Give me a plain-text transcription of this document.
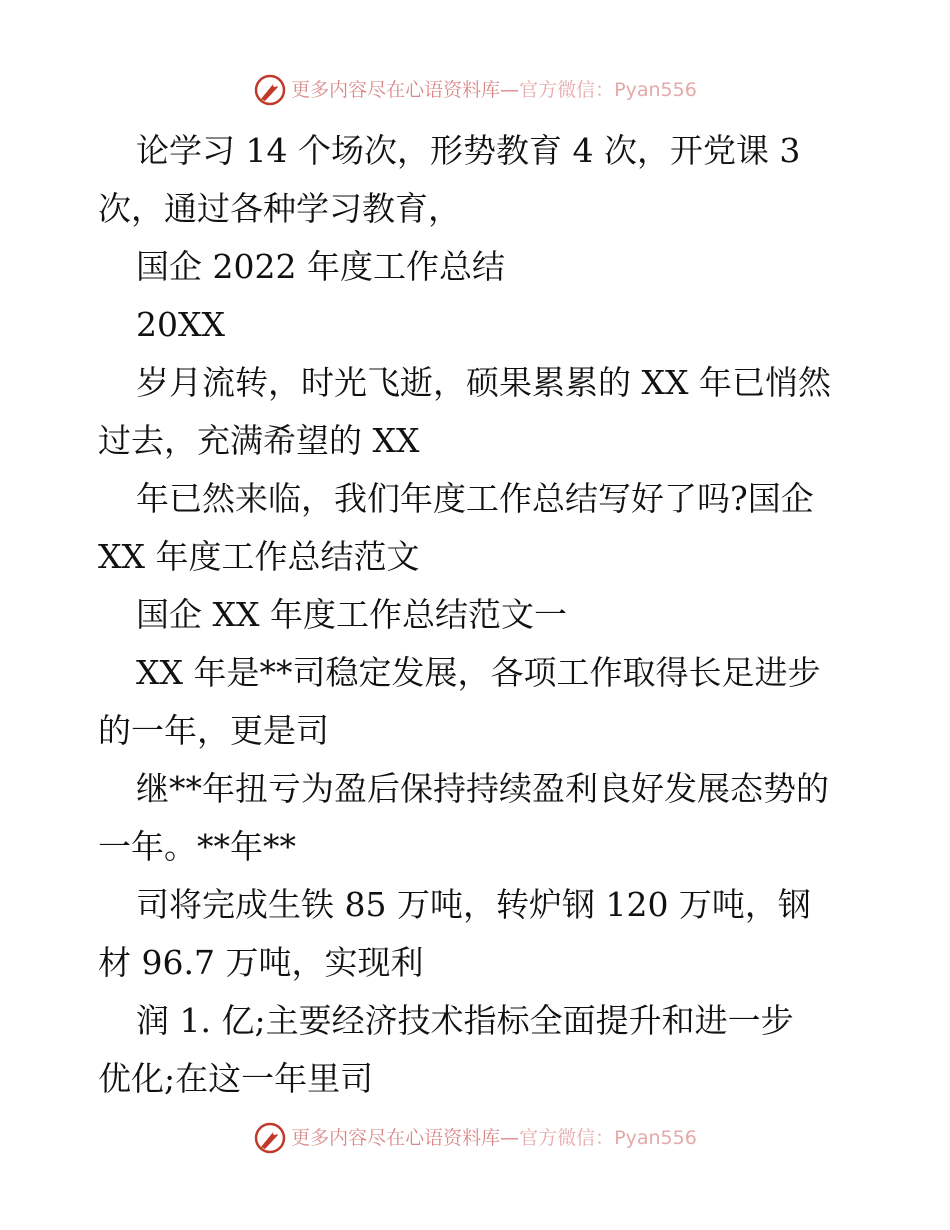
更多内容尽在心语资料库 — 官方微信：Pyan556
论学习 14 个场次，形势教育 4 次，开党课 3
次，通过各种学习教育，
国企 2022 年度工作总结
20XX
岁月流转，时光飞逝，硕果累累的 XX 年已悄然
过去，充满希望的 XX
年已然来临，我们年度工作总结写好了吗?国企
XX 年度工作总结范文
国企 XX 年度工作总结范文一
XX 年是**司稳定发展，各项工作取得长足进步
的一年，更是司
继**年扭亏为盈后保持持续盈利良好发展态势的
一年。**年**
司将完成生铁 85 万吨，转炉钢 120 万吨，钢
材 96.7 万吨，实现利
润 1. 亿;主要经济技术指标全面提升和进一步
优化;在这一年里司
更多内容尽在心语资料库 — 官方微信：Pyan556
